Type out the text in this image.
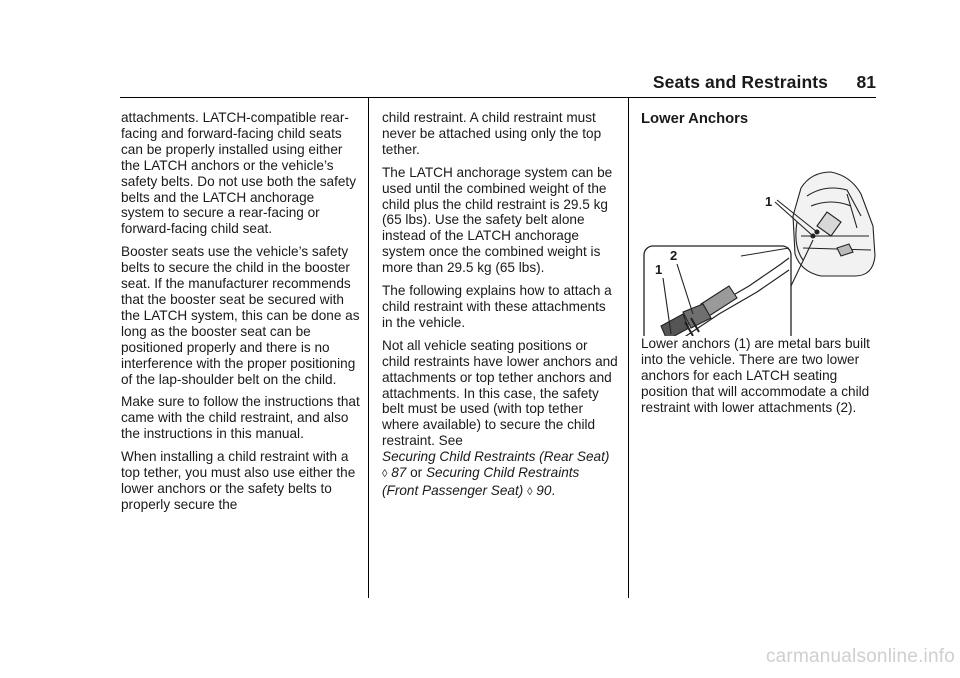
Seats and Restraints	81

attachments. LATCH-compatible rear-facing and forward-facing child seats can be properly installed using either the LATCH anchors or the vehicle’s safety belts. Do not use both the safety belts and the LATCH anchorage system to secure a rear-facing or forward-facing child seat.

Booster seats use the vehicle’s safety belts to secure the child in the booster seat. If the manufacturer recommends that the booster seat be secured with the LATCH system, this can be done as long as the booster seat can be positioned properly and there is no interference with the proper positioning of the lap-shoulder belt on the child.

Make sure to follow the instructions that came with the child restraint, and also the instructions in this manual.

When installing a child restraint with a top tether, you must also use either the lower anchors or the safety belts to properly secure the

child restraint. A child restraint must never be attached using only the top tether.

The LATCH anchorage system can be used until the combined weight of the child plus the child restraint is 29.5 kg (65 lbs). Use the safety belt alone instead of the LATCH anchorage system once the combined weight is more than 29.5 kg (65 lbs).

The following explains how to attach a child restraint with these attachments in the vehicle.

Not all vehicle seating positions or child restraints have lower anchors and attachments or top tether anchors and attachments. In this case, the safety belt must be used (with top tether where available) to secure the child restraint. See
Securing Child Restraints (Rear Seat) ◊ 87 or Securing Child Restraints (Front Passenger Seat) ◊ 90.

Lower Anchors
1
1
2

Lower anchors (1) are metal bars built into the vehicle. There are two lower anchors for each LATCH seating position that will accommodate a child restraint with lower attachments (2).

carmanualsonline.info
